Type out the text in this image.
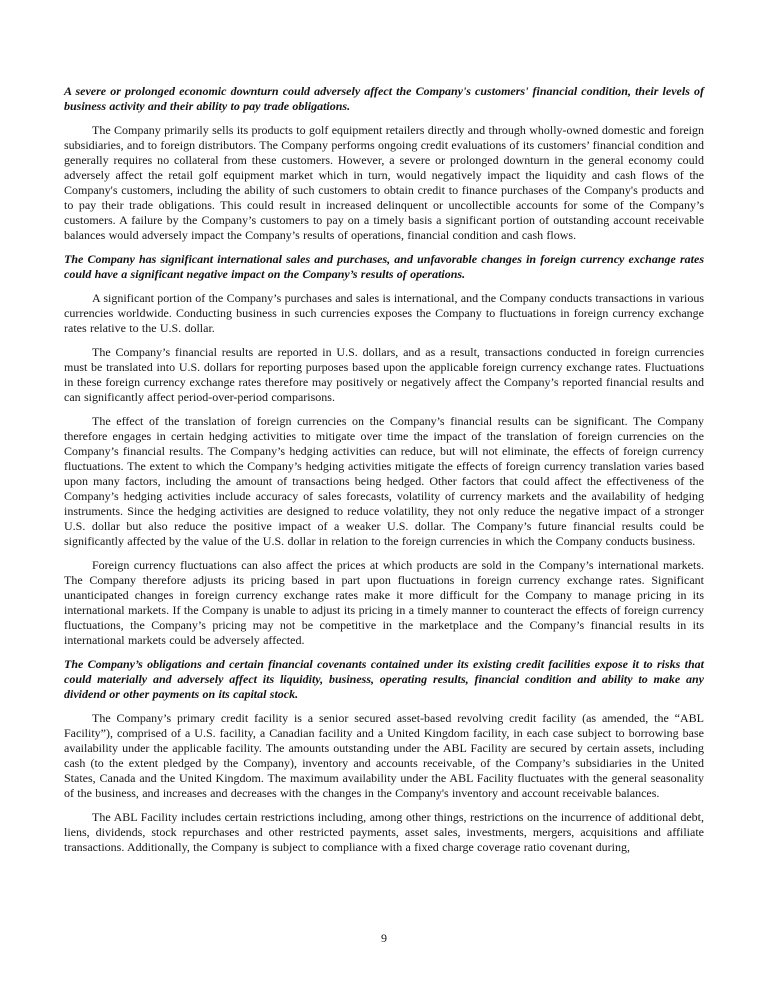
A severe or prolonged economic downturn could adversely affect the Company's customers' financial condition, their levels of business activity and their ability to pay trade obligations.

The Company primarily sells its products to golf equipment retailers directly and through wholly-owned domestic and foreign subsidiaries, and to foreign distributors. The Company performs ongoing credit evaluations of its customers’ financial condition and generally requires no collateral from these customers. However, a severe or prolonged downturn in the general economy could adversely affect the retail golf equipment market which in turn, would negatively impact the liquidity and cash flows of the Company's customers, including the ability of such customers to obtain credit to finance purchases of the Company's products and to pay their trade obligations. This could result in increased delinquent or uncollectible accounts for some of the Company’s customers. A failure by the Company’s customers to pay on a timely basis a significant portion of outstanding account receivable balances would adversely impact the Company’s results of operations, financial condition and cash flows.

The Company has significant international sales and purchases, and unfavorable changes in foreign currency exchange rates could have a significant negative impact on the Company’s results of operations.

A significant portion of the Company’s purchases and sales is international, and the Company conducts transactions in various currencies worldwide. Conducting business in such currencies exposes the Company to fluctuations in foreign currency exchange rates relative to the U.S. dollar.

The Company’s financial results are reported in U.S. dollars, and as a result, transactions conducted in foreign currencies must be translated into U.S. dollars for reporting purposes based upon the applicable foreign currency exchange rates. Fluctuations in these foreign currency exchange rates therefore may positively or negatively affect the Company’s reported financial results and can significantly affect period-over-period comparisons.

The effect of the translation of foreign currencies on the Company’s financial results can be significant. The Company therefore engages in certain hedging activities to mitigate over time the impact of the translation of foreign currencies on the Company’s financial results. The Company’s hedging activities can reduce, but will not eliminate, the effects of foreign currency fluctuations. The extent to which the Company’s hedging activities mitigate the effects of foreign currency translation varies based upon many factors, including the amount of transactions being hedged. Other factors that could affect the effectiveness of the Company’s hedging activities include accuracy of sales forecasts, volatility of currency markets and the availability of hedging instruments. Since the hedging activities are designed to reduce volatility, they not only reduce the negative impact of a stronger U.S. dollar but also reduce the positive impact of a weaker U.S. dollar. The Company’s future financial results could be significantly affected by the value of the U.S. dollar in relation to the foreign currencies in which the Company conducts business.

Foreign currency fluctuations can also affect the prices at which products are sold in the Company’s international markets. The Company therefore adjusts its pricing based in part upon fluctuations in foreign currency exchange rates. Significant unanticipated changes in foreign currency exchange rates make it more difficult for the Company to manage pricing in its international markets. If the Company is unable to adjust its pricing in a timely manner to counteract the effects of foreign currency fluctuations, the Company’s pricing may not be competitive in the marketplace and the Company’s financial results in its international markets could be adversely affected.

The Company’s obligations and certain financial covenants contained under its existing credit facilities expose it to risks that could materially and adversely affect its liquidity, business, operating results, financial condition and ability to make any dividend or other payments on its capital stock.

The Company’s primary credit facility is a senior secured asset-based revolving credit facility (as amended, the “ABL Facility”), comprised of a U.S. facility, a Canadian facility and a United Kingdom facility, in each case subject to borrowing base availability under the applicable facility. The amounts outstanding under the ABL Facility are secured by certain assets, including cash (to the extent pledged by the Company), inventory and accounts receivable, of the Company’s subsidiaries in the United States, Canada and the United Kingdom. The maximum availability under the ABL Facility fluctuates with the general seasonality of the business, and increases and decreases with the changes in the Company's inventory and account receivable balances.

The ABL Facility includes certain restrictions including, among other things, restrictions on the incurrence of additional debt, liens, dividends, stock repurchases and other restricted payments, asset sales, investments, mergers, acquisitions and affiliate transactions. Additionally, the Company is subject to compliance with a fixed charge coverage ratio covenant during,

9
